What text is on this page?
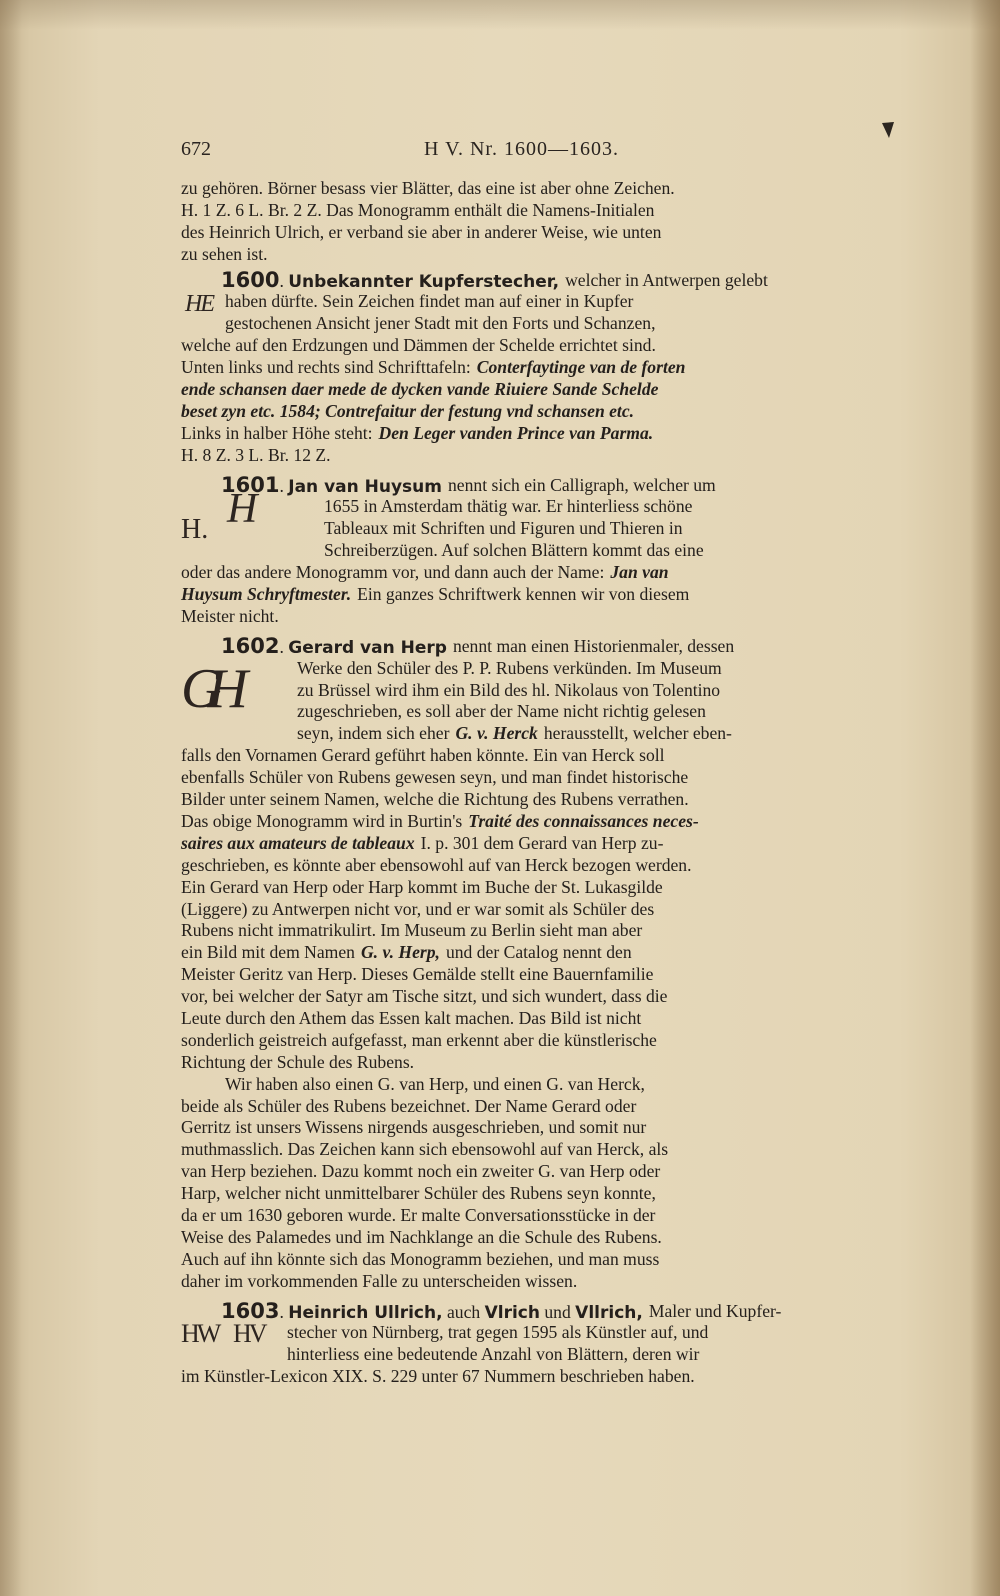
672	H V. Nr. 1600—1603.
zu gehören. Börner besass vier Blätter, das eine ist aber ohne Zeichen.
H. 1 Z. 6 L. Br. 2 Z. Das Monogramm enthält die Namens-Initialen
des Heinrich Ulrich, er verband sie aber in anderer Weise, wie unten
zu sehen ist.
1600. Unbekannter Kupferstecher, welcher in Antwerpen gelebt
HE haben dürfte. Sein Zeichen findet man auf einer in Kupfer
gestochenen Ansicht jener Stadt mit den Forts und Schanzen,
welche auf den Erdzungen und Dämmen der Schelde errichtet sind.
Unten links und rechts sind Schrifttafeln: Conterfaytinge van de forten
ende schansen daer mede de dycken vande Riuiere Sande Schelde
beset zyn etc. 1584; Contrefaitur der festung vnd schansen etc.
Links in halber Höhe steht: Den Leger vanden Prince van Parma.
H. 8 Z. 3 L. Br. 12 Z.
1601. Jan van Huysum nennt sich ein Calligraph, welcher um
H. H	1655 in Amsterdam thätig war. Er hinterliess schöne
Tableaux mit Schriften und Figuren und Thieren in
Schreiberzügen. Auf solchen Blättern kommt das eine
oder das andere Monogramm vor, und dann auch der Name: Jan van
Huysum Schryftmester. Ein ganzes Schriftwerk kennen wir von diesem
Meister nicht.
1602. Gerard van Herp nennt man einen Historienmaler, dessen
GH	Werke den Schüler des P. P. Rubens verkünden. Im Museum
zu Brüssel wird ihm ein Bild des hl. Nikolaus von Tolentino
zugeschrieben, es soll aber der Name nicht richtig gelesen
seyn, indem sich eher G. v. Herck herausstellt, welcher eben-
falls den Vornamen Gerard geführt haben könnte. Ein van Herck soll
ebenfalls Schüler von Rubens gewesen seyn, und man findet historische
Bilder unter seinem Namen, welche die Richtung des Rubens verrathen.
Das obige Monogramm wird in Burtin's Traité des connaissances neces-
saires aux amateurs de tableaux I. p. 301 dem Gerard van Herp zu-
geschrieben, es könnte aber ebensowohl auf van Herck bezogen werden.
Ein Gerard van Herp oder Harp kommt im Buche der St. Lukasgilde
(Liggere) zu Antwerpen nicht vor, und er war somit als Schüler des
Rubens nicht immatrikulirt. Im Museum zu Berlin sieht man aber
ein Bild mit dem Namen G. v. Herp, und der Catalog nennt den
Meister Geritz van Herp. Dieses Gemälde stellt eine Bauernfamilie
vor, bei welcher der Satyr am Tische sitzt, und sich wundert, dass die
Leute durch den Athem das Essen kalt machen. Das Bild ist nicht
sonderlich geistreich aufgefasst, man erkennt aber die künstlerische
Richtung der Schule des Rubens.
Wir haben also einen G. van Herp, und einen G. van Herck,
beide als Schüler des Rubens bezeichnet. Der Name Gerard oder
Gerritz ist unsers Wissens nirgends ausgeschrieben, und somit nur
muthmasslich. Das Zeichen kann sich ebensowohl auf van Herck, als
van Herp beziehen. Dazu kommt noch ein zweiter G. van Herp oder
Harp, welcher nicht unmittelbarer Schüler des Rubens seyn konnte,
da er um 1630 geboren wurde. Er malte Conversationsstücke in der
Weise des Palamedes und im Nachklange an die Schule des Rubens.
Auch auf ihn könnte sich das Monogramm beziehen, und man muss
daher im vorkommenden Falle zu unterscheiden wissen.
1603. Heinrich Ullrich, auch Vlrich und Vllrich, Maler und Kupfer-
HW HV stecher von Nürnberg, trat gegen 1595 als Künstler auf, und
hinterliess eine bedeutende Anzahl von Blättern, deren wir
im Künstler-Lexicon XIX. S. 229 unter 67 Nummern beschrieben haben.
